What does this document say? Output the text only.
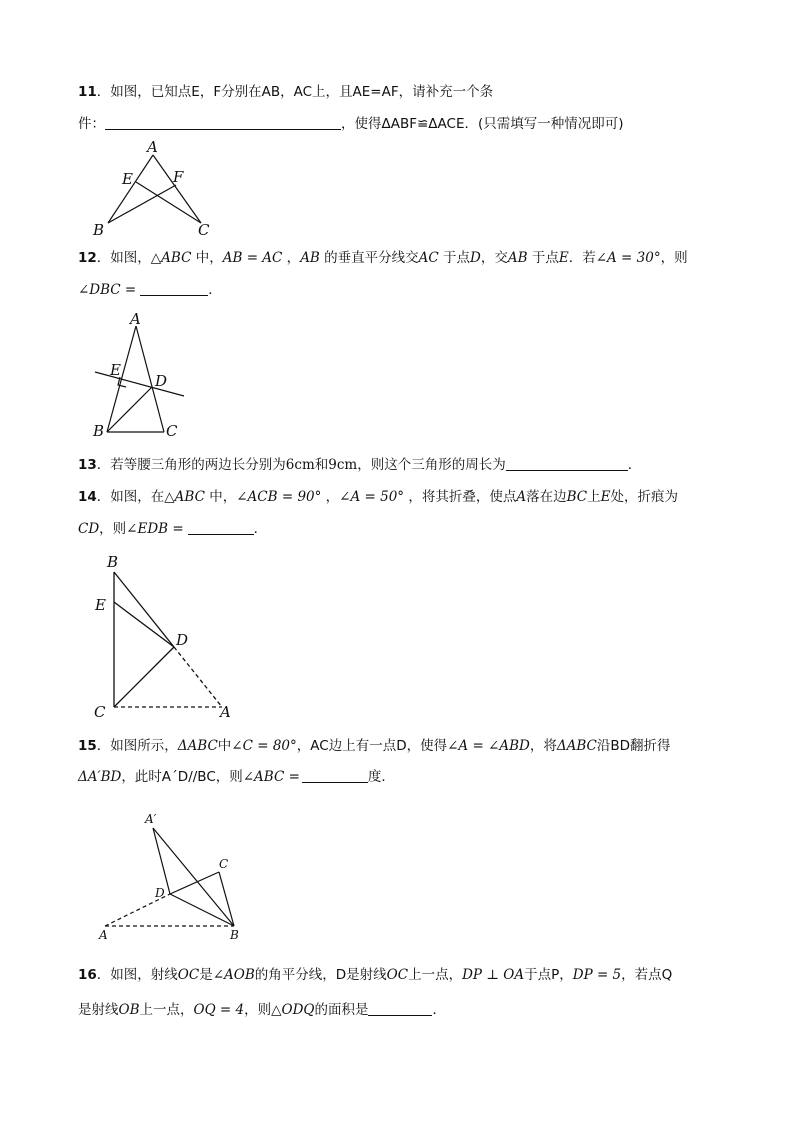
11．如图，已知点E，F分别在AB，AC上，且AE=AF，请补充一个条
件：	，使得ΔABF≌ΔACE．(只需填写一种情况即可)
A
E	F
B	C
12．如图，△ABC 中，AB = AC ，AB 的垂直平分线交AC 于点D，交AB 于点E．若∠A = 30°，则
∠DBC =	．
A
E
D
B	C
13．若等腰三角形的两边长分别为6cm和9cm，则这个三角形的周长为	．
14．如图，在△ABC 中，∠ACB = 90° ，∠A = 50° ，将其折叠，使点A落在边BC上E处，折痕为
CD，则∠EDB =	．
B
E
D
C	A
15．如图所示，ΔABC中∠C = 80°，AC边上有一点D，使得∠A = ∠ABD，将ΔABC沿BD翻折得
ΔA′BD，此时A´D//BC，则∠ABC =	度．
A′
C
D
A	B
16．如图，射线OC是∠AOB的角平分线，D是射线OC上一点，DP ⊥ OA于点P，DP = 5，若点Q
是射线OB上一点，OQ = 4，则△ODQ的面积是	．
